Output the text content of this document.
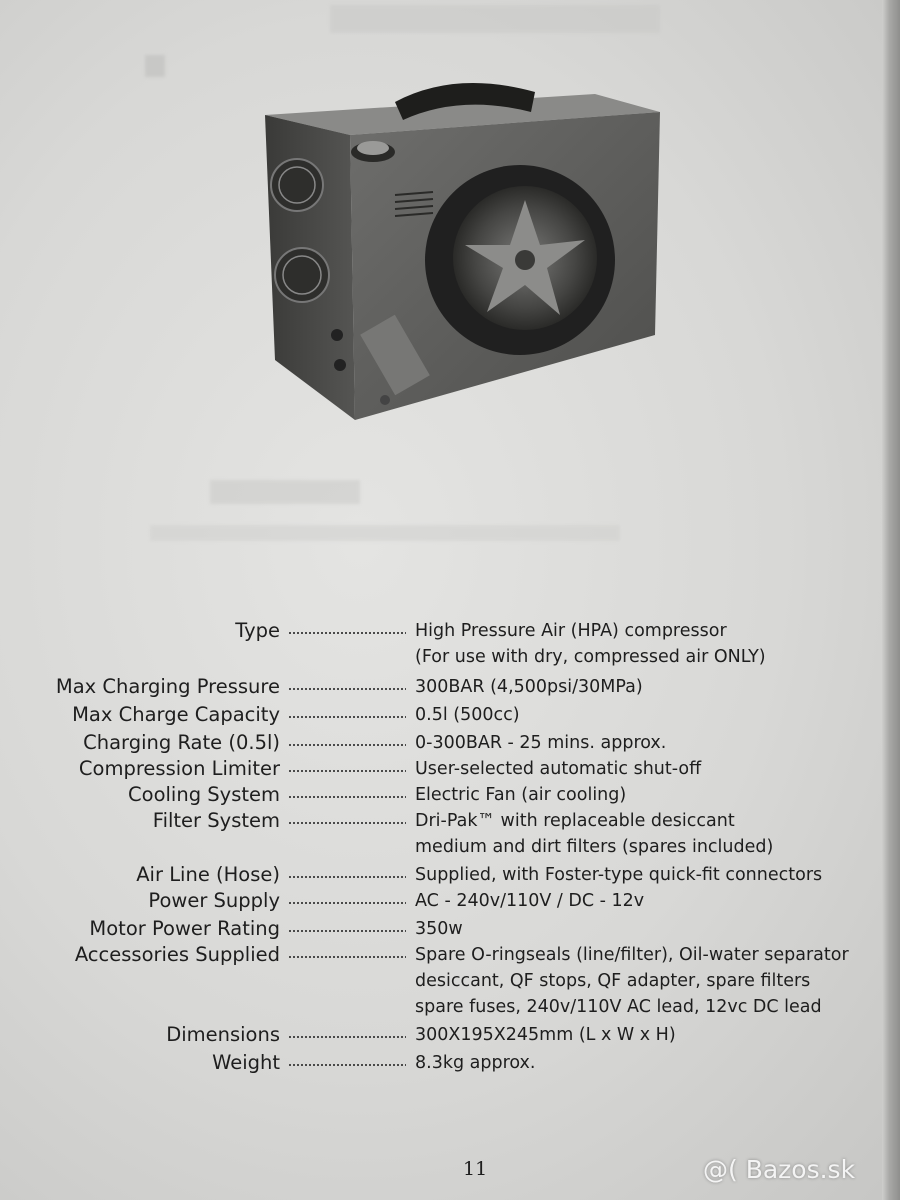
Type	High Pressure Air (HPA) compressor
(For use with dry, compressed air ONLY)
Max Charging Pressure	300BAR (4,500psi/30MPa)
Max Charge Capacity	0.5l (500cc)
Charging Rate (0.5l)	0-300BAR - 25 mins. approx.
Compression Limiter	User-selected automatic shut-off
Cooling System	Electric Fan (air cooling)
Filter System	Dri-Pak™ with replaceable desiccant
medium and dirt filters (spares included)
Air Line (Hose)	Supplied, with Foster-type quick-fit connectors
Power Supply	AC - 240v/110V / DC - 12v
Motor Power Rating	350w
Accessories Supplied	Spare O-ringseals (line/filter), Oil-water separator
desiccant, QF stops, QF adapter, spare filters
spare fuses, 240v/110V AC lead, 12vc DC lead
Dimensions	300X195X245mm (L x W x H)
Weight	8.3kg approx.
11	@( Bazos.sk
